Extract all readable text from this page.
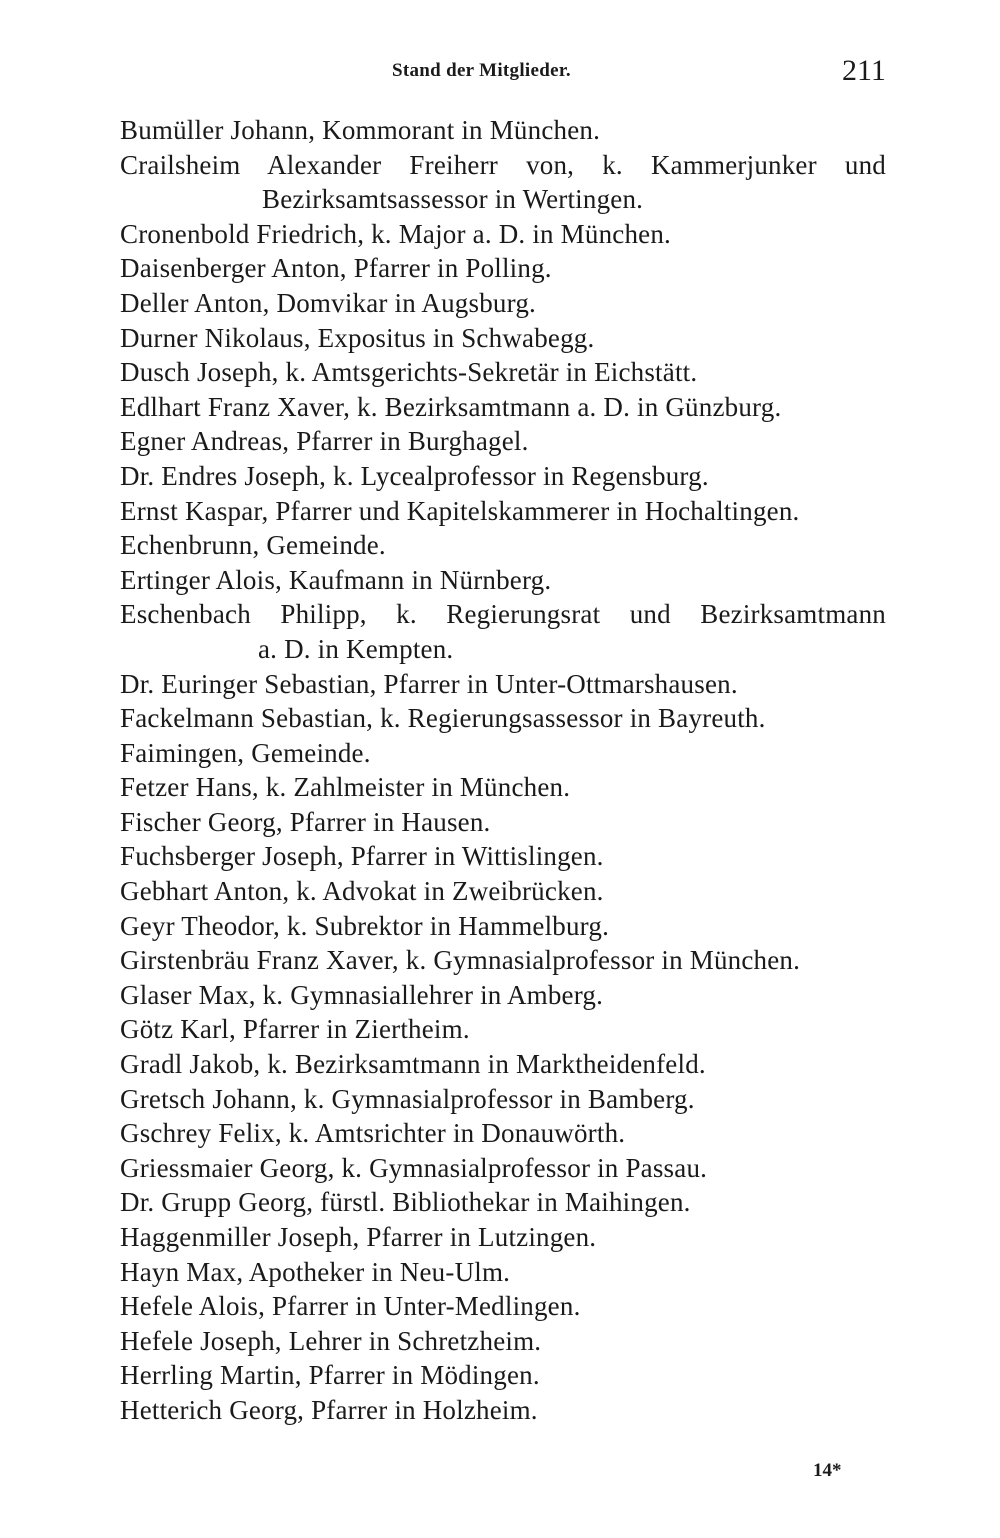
Stand der Mitglieder.	211
Bumüller Johann, Kommorant in München.
Crailsheim Alexander Freiherr von, k. Kammerjunker und
Bezirksamtsassessor in Wertingen.
Cronenbold Friedrich, k. Major a. D. in München.
Daisenberger Anton, Pfarrer in Polling.
Deller Anton, Domvikar in Augsburg.
Durner Nikolaus, Expositus in Schwabegg.
Dusch Joseph, k. Amtsgerichts-Sekretär in Eichstätt.
Edlhart Franz Xaver, k. Bezirksamtmann a. D. in Günzburg.
Egner Andreas, Pfarrer in Burghagel.
Dr. Endres Joseph, k. Lycealprofessor in Regensburg.
Ernst Kaspar, Pfarrer und Kapitelskammerer in Hochaltingen.
Echenbrunn, Gemeinde.
Ertinger Alois, Kaufmann in Nürnberg.
Eschenbach Philipp, k. Regierungsrat und Bezirksamtmann
a. D. in Kempten.
Dr. Euringer Sebastian, Pfarrer in Unter-Ottmarshausen.
Fackelmann Sebastian, k. Regierungsassessor in Bayreuth.
Faimingen, Gemeinde.
Fetzer Hans, k. Zahlmeister in München.
Fischer Georg, Pfarrer in Hausen.
Fuchsberger Joseph, Pfarrer in Wittislingen.
Gebhart Anton, k. Advokat in Zweibrücken.
Geyr Theodor, k. Subrektor in Hammelburg.
Girstenbräu Franz Xaver, k. Gymnasialprofessor in München.
Glaser Max, k. Gymnasiallehrer in Amberg.
Götz Karl, Pfarrer in Ziertheim.
Gradl Jakob, k. Bezirksamtmann in Marktheidenfeld.
Gretsch Johann, k. Gymnasialprofessor in Bamberg.
Gschrey Felix, k. Amtsrichter in Donauwörth.
Griessmaier Georg, k. Gymnasialprofessor in Passau.
Dr. Grupp Georg, fürstl. Bibliothekar in Maihingen.
Haggenmiller Joseph, Pfarrer in Lutzingen.
Hayn Max, Apotheker in Neu-Ulm.
Hefele Alois, Pfarrer in Unter-Medlingen.
Hefele Joseph, Lehrer in Schretzheim.
Herrling Martin, Pfarrer in Mödingen.
Hetterich Georg, Pfarrer in Holzheim.
14*
